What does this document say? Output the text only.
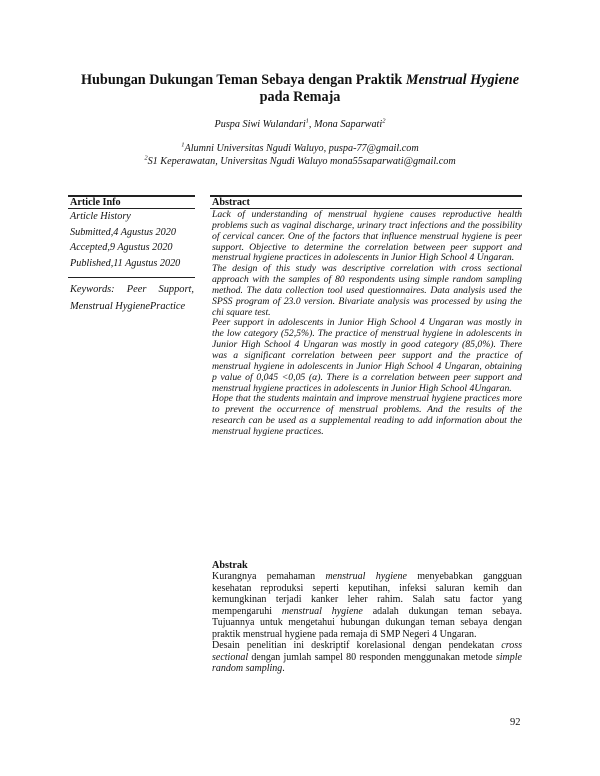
Hubungan Dukungan Teman Sebaya dengan Praktik Menstrual Hygiene
pada Remaja
Puspa Siwi Wulandari$^1$, Mona Saparwati$^2$
$^1$Alumni Universitas Ngudi Waluyo, puspa-77@gmail.com
$^2$S1 Keperawatan, Universitas Ngudi Waluyo mona55saparwati@gmail.com
Article Info
Article History
Submitted,4 Agustus 2020
Accepted,9 Agustus 2020
Published,11 Agustus 2020
Keywords: Peer Support, Menstrual HygienePractice
Abstract

Lack of understanding of menstrual hygiene causes reproductive health problems such as vaginal discharge, urinary tract infections and the possibility of cervical cancer. One of the factors that influence menstrual hygiene is peer support. Objective to determine the correlation between peer support and menstrual hygiene practices in adolescents in Junior High School 4 Ungaran.

The design of this study was descriptive correlation with cross sectional approach with the samples of 80 respondents using simple random sampling method. The data collection tool used questionnaires. Data analysis used the SPSS program of 23.0 version. Bivariate analysis was processed by using the chi square test.

Peer support in adolescents in Junior High School 4 Ungaran was mostly in the low category (52,5%). The practice of menstrual hygiene in adolescents in Junior High School 4 Ungaran was mostly in good category (85,0%). There was a significant correlation between peer support and the practice of menstrual hygiene in adolescents in Junior High School 4 Ungaran, obtaining p value of 0,045 <0,05 (α). There is a correlation between peer support and menstrual hygiene practices in adolescents in Junior High School 4Ungaran.

Hope that the students maintain and improve menstrual hygiene practices more to prevent the occurrence of menstrual problems. And the results of the research can be used as a supplemental reading to add information about the menstrual hygiene practices.

Abstrak

Kurangnya pemahaman menstrual hygiene menyebabkan gangguan kesehatan reproduksi seperti keputihan, infeksi saluran kemih dan kemungkinan terjadi kanker leher rahim. Salah satu factor yang mempengaruhi menstrual hygiene adalah dukungan teman sebaya. Tujuannya untuk mengetahui hubungan dukungan teman sebaya dengan praktik menstrual hygiene pada remaja di SMP Negeri 4 Ungaran.

Desain penelitian ini deskriptif korelasional dengan pendekatan cross sectional dengan jumlah sampel 80 responden menggunakan metode simple random sampling.

92
